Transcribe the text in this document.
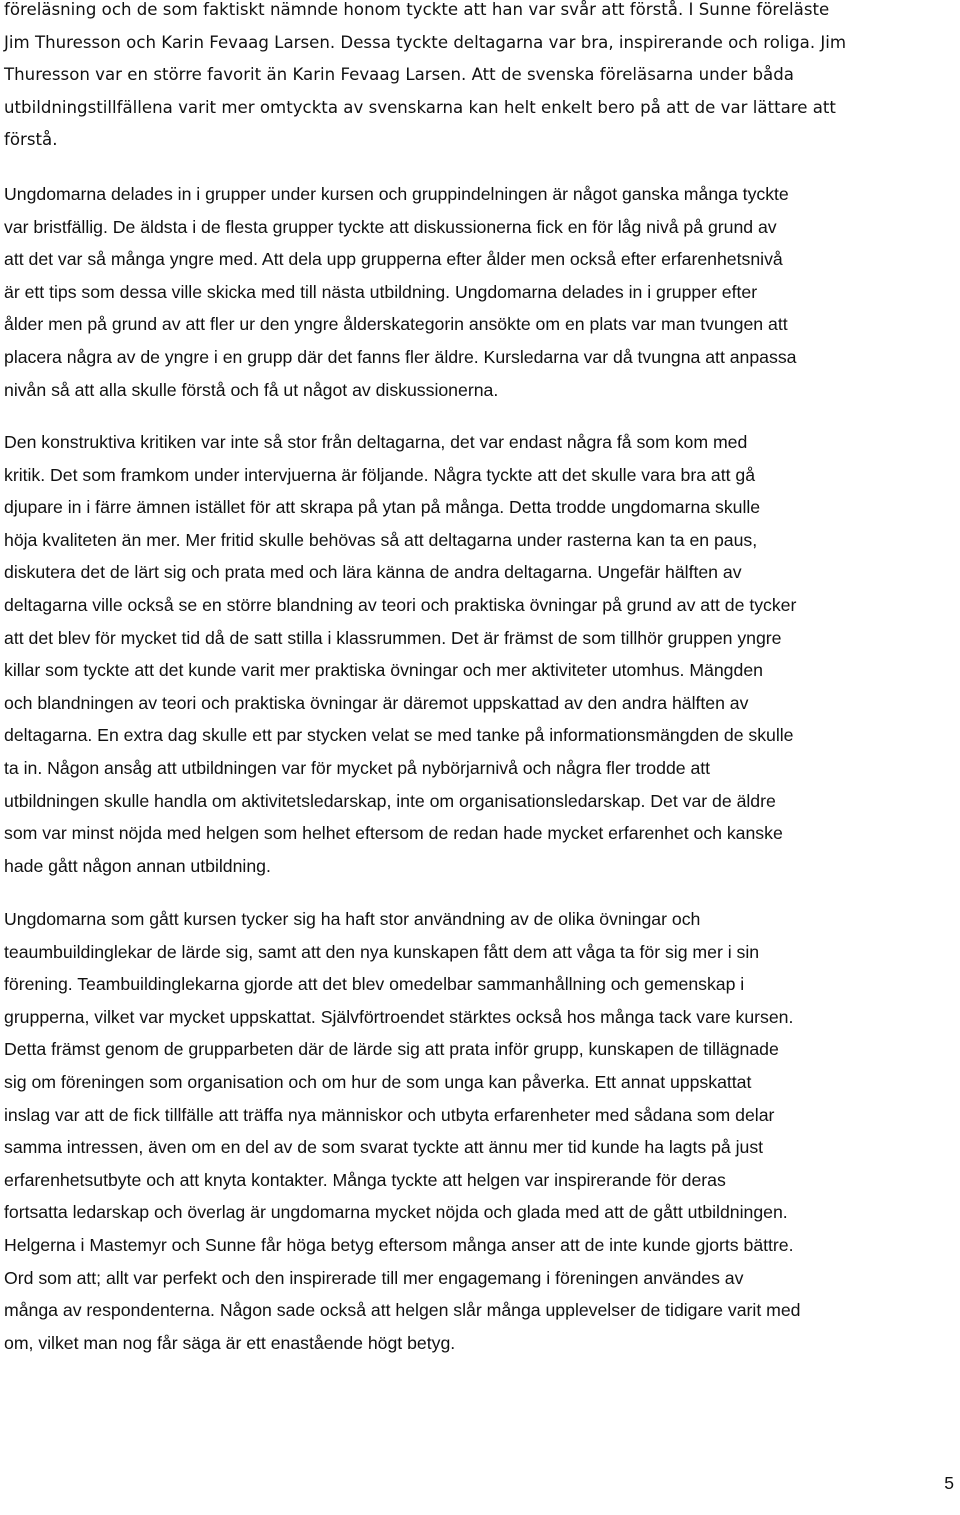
föreläsning och de som faktiskt nämnde honom tyckte att han var svår att förstå. I Sunne föreläste
Jim Thuresson och Karin Fevaag Larsen. Dessa tyckte deltagarna var bra, inspirerande och roliga. Jim
Thuresson var en större favorit än Karin Fevaag Larsen. Att de svenska föreläsarna under båda
utbildningstillfällena varit mer omtyckta av svenskarna kan helt enkelt bero på att de var lättare att
förstå.

Ungdomarna delades in i grupper under kursen och gruppindelningen är något ganska många tyckte
var bristfällig. De äldsta i de flesta grupper tyckte att diskussionerna fick en för låg nivå på grund av
att det var så många yngre med. Att dela upp grupperna efter ålder men också efter erfarenhetsnivå
är ett tips som dessa ville skicka med till nästa utbildning. Ungdomarna delades in i grupper efter
ålder men på grund av att fler ur den yngre ålderskategorin ansökte om en plats var man tvungen att
placera några av de yngre i en grupp där det fanns fler äldre. Kursledarna var då tvungna att anpassa
nivån så att alla skulle förstå och få ut något av diskussionerna.

Den konstruktiva kritiken var inte så stor från deltagarna, det var endast några få som kom med
kritik. Det som framkom under intervjuerna är följande. Några tyckte att det skulle vara bra att gå
djupare in i färre ämnen istället för att skrapa på ytan på många. Detta trodde ungdomarna skulle
höja kvaliteten än mer. Mer fritid skulle behövas så att deltagarna under rasterna kan ta en paus,
diskutera det de lärt sig och prata med och lära känna de andra deltagarna. Ungefär hälften av
deltagarna ville också se en större blandning av teori och praktiska övningar på grund av att de tycker
att det blev för mycket tid då de satt stilla i klassrummen. Det är främst de som tillhör gruppen yngre
killar som tyckte att det kunde varit mer praktiska övningar och mer aktiviteter utomhus. Mängden
och blandningen av teori och praktiska övningar är däremot uppskattad av den andra hälften av
deltagarna. En extra dag skulle ett par stycken velat se med tanke på informationsmängden de skulle
ta in. Någon ansåg att utbildningen var för mycket på nybörjarnivå och några fler trodde att
utbildningen skulle handla om aktivitetsledarskap, inte om organisationsledarskap. Det var de äldre
som var minst nöjda med helgen som helhet eftersom de redan hade mycket erfarenhet och kanske
hade gått någon annan utbildning.

Ungdomarna som gått kursen tycker sig ha haft stor användning av de olika övningar och
teaumbuildinglekar de lärde sig, samt att den nya kunskapen fått dem att våga ta för sig mer i sin
förening. Teambuildinglekarna gjorde att det blev omedelbar sammanhållning och gemenskap i
grupperna, vilket var mycket uppskattat. Självförtroendet stärktes också hos många tack vare kursen.
Detta främst genom de grupparbeten där de lärde sig att prata inför grupp, kunskapen de tillägnade
sig om föreningen som organisation och om hur de som unga kan påverka. Ett annat uppskattat
inslag var att de fick tillfälle att träffa nya människor och utbyta erfarenheter med sådana som delar
samma intressen, även om en del av de som svarat tyckte att ännu mer tid kunde ha lagts på just
erfarenhetsutbyte och att knyta kontakter. Många tyckte att helgen var inspirerande för deras
fortsatta ledarskap och överlag är ungdomarna mycket nöjda och glada med att de gått utbildningen.
Helgerna i Mastemyr och Sunne får höga betyg eftersom många anser att de inte kunde gjorts bättre.
Ord som att; allt var perfekt och den inspirerade till mer engagemang i föreningen användes av
många av respondenterna. Någon sade också att helgen slår många upplevelser de tidigare varit med
om, vilket man nog får säga är ett enastående högt betyg.

5
